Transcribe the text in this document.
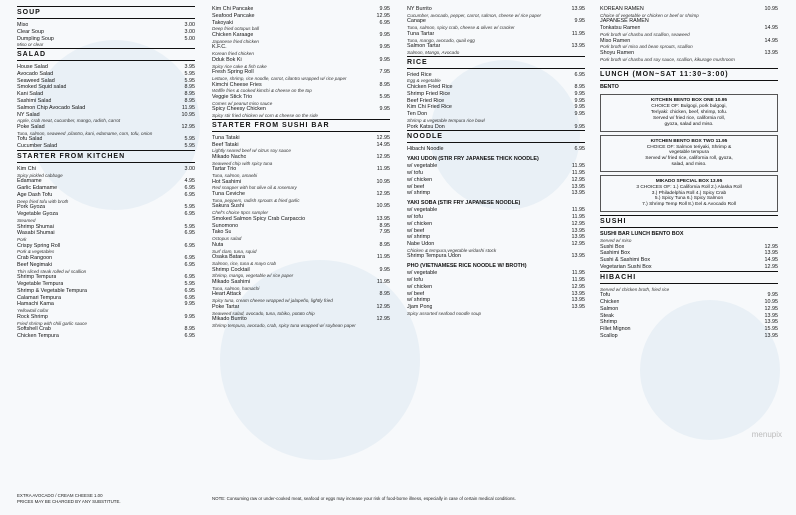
SOUP
Miso	3.00
Clear Soup	3.00
Dumpling Soup	5.00
Miso or clear
SALAD
House Salad	3.95
Avocado Salad	5.95
Seaweed Salad	5.95
Smoked Squid salad	8.95
Kani Salad	8.95
Sashimi Salad	8.95
Salmon Chip Avocado Salad	11.95
NY Salad	10.95
Apple, crab meat, cucumber, mango, radish, carrot
Poke Salad	12.95
Tuna, salmon, seaweed ,cilantro, kani, edamame, corn, tofu, onion
Tofu Salad	5.95
Cucumber Salad	5.95
STARTER FROM KITCHEN
Kim Chi	3.00
Spicy pickled cabbage
Edamame	4.95
Garlic Edamame	6.95
Age Dash Tofu	6.95
Deep fried tofu with broth
Pork Gyoza	5.95
Vegetable Gyoza	6.95
Steamed
Shrimp Shumai	5.95
Wasabi Shumai	6.95
Pork
Crispy Spring Roll	6.95
Pork & vegetables
Crab Rangoon	6.95
Beef Negimaki	6.95
Thin sliced steak rolled w/ scallion
Shrimp Tempura	6.95
Vegetable Tempura	5.95
Shrimp & Vegetable Tempura	6.95
Calamari Tempura	6.95
Hamachi Kama	9.95
Yellowtail collar
Rock Shrimp	9.95
Fried shrimp with chili garlic sauce
Softshell Crab	8.95
Chicken Tempura	6.95
EXTRA AVOCADO / CREAM CHEESE 1.00
PRICES MAY BE CHARGED BY ANY SUBSTITUTE.
Kim Chi Pancake	9.95
Seafood Pancake	12.95
Takoyaki	6.95
Deep fried octopus ball
Chicken Karaage	9.95
Japanese fried chicken
K.F.C.	9.95
Korean fried chicken
Dduk Bok Ki	9.95
Spicy rice cake & fish cake
Fresh Spring Roll	7.95
Lettuce, shrimp, rice noodle, carrot, cilantro wrapped w/ rice paper
Kimchi Cheese Fries	8.95
Waffle fries & cooked kimchi & cheese on the top
Veggie Stick Trio	5.95
Comes w/ peanut miso sauce
Spicy Cheesy Chicken	9.95
Spicy stir fried chicken w/ corn & cheese on the side
STARTER FROM SUSHI BAR
Tuna Tataki	12.95
Beef Tataki	14.95
Lightly seared beef w/ citrus soy sauce
Mikado Nacho	12.95
Seaweed chip with spicy tuna
Tartar Trio	11.95
Tuna, salmon, amaebi
Hot Sashimi	10.95
Red snapper with hot olive oil & rosemary
Tuna Ceviche	12.95
Tuna, peppers, radish sprouts & fried garlic
Sakura Sushi	10.95
Chef's choice 5pcs sampler
Smoked Salmon Spicy Crab Carpaccio	13.95
Sunomono	8.95
Tako Su	7.95
Octopus salad
Nuta	8.95
Surf clam, tuna, squid
Osaka Batara	11.95
Salmon, rice, tuna & mayo crab
Shrimp Cocktail	9.95
Shrimp, mango, vegetable w/ rice paper
Mikado Sashimi	11.95
Tuna, salmon, hamachi
Heart Attack	8.95
Spicy tuna, cream cheese wrapped w/ jalapeño, lightly fried
Poke Tartar	12.95
Seaweed salad, avocado, tuna, tobiko, potato chip
Mikado Burrito	12.95
Shrimp tempura, avocado, crab, spicy tuna wrapped w/ soybean paper
NOTE: Consuming raw or under-cooked meat, seafood or eggs may increase your risk of food-borne illness, especially in case of certain medical conditions.
NY Burrito	13.95
Cucumber, avocado, pepper, carrot, salmon, cheese w/ rice paper
Canape	9.95
Tuna, salmon, spicy crab, cheese & olives w/ cracker
Tuna Tartar	11.95
Tuna, mango, avocado, quail egg
Salmon Tartar	13.95
Salmon, Mango, Avocado
RICE
Fried Rice	6.95
Egg & vegetable
Chicken Fried Rice	8.95
Shrimp Fried Rice	9.95
Beef Fried Rice	9.95
Kim Chi Fried Rice	9.95
Ten Don	9.95
Shrimp & vegetable tempura rice bowl
Pork Katsu Don	9.95
NOODLE
Hibachi Noodle	6.95
YAKI UDON (STIR FRY JAPANESE THICK NOODLE)
w/ vegetable	11.95
w/ tofu	11.95
w/ chicken	12.95
w/ beef	13.95
w/ shrimp	13.95
YAKI SOBA (STIR FRY JAPANESE NOODLE)
w/ vegetable	11.95
w/ tofu	11.95
w/ chicken	12.95
w/ beef	13.95
w/ shrimp	13.95
Nabe Udon	12.95
Chicken & tempura,vegetable w/dashi stock
Shrimp Tempura Udon	13.95
PHO (VIETNAMESE RICE NOODLE W/ BROTH)
w/ vegetable	11.95
w/ tofu	11.95
w/ chicken	12.95
w/ beef	13.95
w/ shrimp	13.95
Jjam Pong	13.95
Spicy assorted seafood noodle soup
KOREAN RAMEN	10.95
Choice of vegetable or chicken or beef or shrimp
JAPANESE RAMEN
Tonkatsu Ramen	14.95
Pork broth w/ chashu and scallion, seaweed
Miso Ramen	14.95
Pork broth w/ miso and bean sprouts, scallion
Shoyu Ramen	13.95
Pork broth w/ chashu and soy sauce, scallion, kikurage mushroom
LUNCH (MON~SAT 11:30~3:00)
BENTO
KITCHEN BENTO BOX ONE 10.95
CHOICE OF: Bulgogi, pork bulgogi,
Teriyaki: chicken, beef, shrimp, tofu.
Served w/ fried rice, california roll,
gyoza, salad and miso.
KITCHEN BENTO BOX TWO 11.95
CHOICE OF: Salmon teriyaki, Shrimp &
vegetable tempura
Served w/ fried rice, california roll, gyoza,
salad, and miso.
MIKADO SPECIAL BOX 13.95
3 CHOICES OF: 1.) California Roll 2.) Alaska Roll
3.) Philadelphia Roll 4.) Spicy Crab
5.) Spicy Tuna 6.) Spicy Salmon
7.) Shrimp Temp Roll 8.) Eel & Avocado Roll
SUSHI
SUSHI BAR LUNCH BENTO BOX
Served w/ miso
Sushi Box	12.95
Sashimi Box	13.95
Sushi & Sashimi Box	14.95
Vegetarian Sushi Box	12.95
HIBACHI
Served w/ chicken broth, fried rice
Tofu	9.95
Chicken	10.95
Salmon	12.95
Steak	13.95
Shrimp	13.95
Fillet Mignon	15.95
Scallop	13.95
menupix
